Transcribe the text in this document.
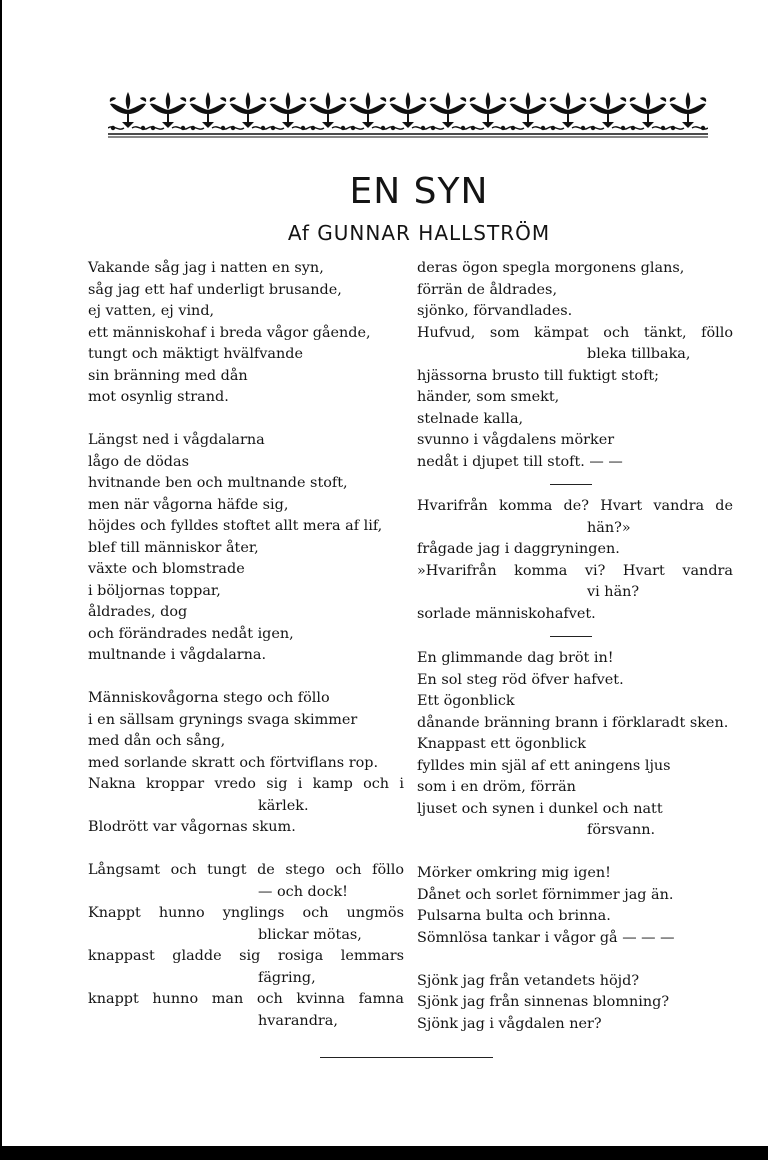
EN SYN

Af GUNNAR HALLSTRÖM

Vakande såg jag i natten en syn,
såg jag ett haf underligt brusande,
ej vatten, ej vind,
ett människohaf i breda vågor gående,
tungt och mäktigt hvälfvande
sin bränning med dån
mot osynlig strand.
Längst ned i vågdalarna
lågo de dödas
hvitnande ben och multnande stoft,
men när vågorna häfde sig,
höjdes och fylldes stoftet allt mera af lif,
blef till människor åter,
växte och blomstrade
i böljornas toppar,
åldrades, dog
och förändrades nedåt igen,
multnande i vågdalarna.
Människovågorna stego och föllo
i en sällsam grynings svaga skimmer
med dån och sång,
med sorlande skratt och förtviflans rop.
Nakna kroppar vredo sig i kamp och i
kärlek.
Blodrött var vågornas skum.
Långsamt och tungt de stego och föllo
— och dock!
Knappt hunno ynglings och ungmös
blickar mötas,
knappast gladde sig rosiga lemmars
fägring,
knappt hunno man och kvinna famna
hvarandra,
deras ögon spegla morgonens glans,
förrän de åldrades,
sjönko, förvandlades.
Hufvud, som kämpat och tänkt, föllo
bleka tillbaka,
hjässorna brusto till fuktigt stoft;
händer, som smekt,
stelnade kalla,
svunno i vågdalens mörker
nedåt i djupet till stoft. — —
Hvarifrån komma de? Hvart vandra de
hän?»
frågade jag i daggryningen.
»Hvarifrån komma vi? Hvart vandra
vi hän?
sorlade människohafvet.
En glimmande dag bröt in!
En sol steg röd öfver hafvet.
Ett ögonblick
dånande bränning brann i förklaradt sken.
Knappast ett ögonblick
fylldes min själ af ett aningens ljus
som i en dröm, förrän
ljuset och synen i dunkel och natt
försvann.
Mörker omkring mig igen!
Dånet och sorlet förnimmer jag än.
Pulsarna bulta och brinna.
Sömnlösa tankar i vågor gå — — —
Sjönk jag från vetandets höjd?
Sjönk jag från sinnenas blomning?
Sjönk jag i vågdalen ner?
